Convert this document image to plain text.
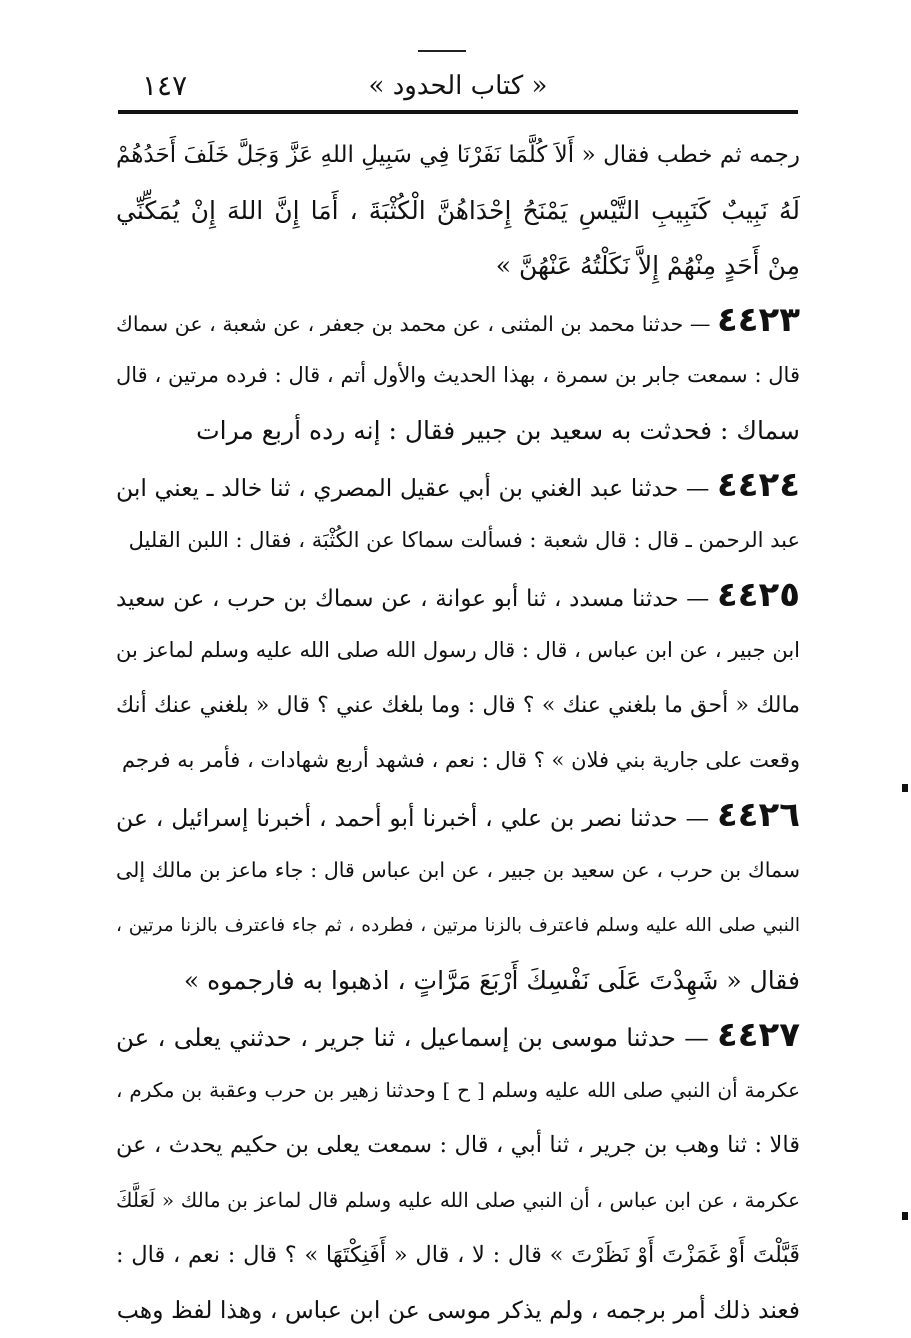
« كتاب الحدود »
١٤٧
رجمه ثم خطب فقال « أَلاَ كُلَّمَا نَفَرْنَا فِي سَبِيلِ اللهِ عَزَّ وَجَلَّ خَلَفَ أَحَدُهُمْ
لَهُ نَبِيبٌ كَنَبِيبِ التَّيْسِ يَمْنَحُ إِحْدَاهُنَّ الْكُثْبَةَ ، أَمَا إِنَّ اللهَ إِنْ يُمَكِّنِّي
مِنْ أَحَدٍ مِنْهُمْ إِلاَّ نَكَلْتُهُ عَنْهُنَّ »
٤٤٢٣ — حدثنا محمد بن المثنى ، عن محمد بن جعفر ، عن شعبة ، عن سماك
قال : سمعت جابر بن سمرة ، بهذا الحديث والأول أتم ، قال : فرده مرتين ، قال
سماك : فحدثت به سعيد بن جبير فقال : إنه رده أربع مرات
٤٤٢٤ — حدثنا عبد الغني بن أبي عقيل المصري ، ثنا خالد ـ يعني ابن
عبد الرحمن ـ قال : قال شعبة : فسألت سماكا عن الكُثْبَة ، فقال : اللبن القليل
٤٤٢٥ — حدثنا مسدد ، ثنا أبو عوانة ، عن سماك بن حرب ، عن سعيد
ابن جبير ، عن ابن عباس ، قال : قال رسول الله صلى الله عليه وسلم لماعز بن
مالك « أحق ما بلغني عنك » ؟ قال : وما بلغك عني ؟ قال « بلغني عنك أنك
وقعت على جارية بني فلان » ؟ قال : نعم ، فشهد أربع شهادات ، فأمر به فرجم
٤٤٢٦ — حدثنا نصر بن علي ، أخبرنا أبو أحمد ، أخبرنا إسرائيل ، عن
سماك بن حرب ، عن سعيد بن جبير ، عن ابن عباس قال : جاء ماعز بن مالك إلى
النبي صلى الله عليه وسلم فاعترف بالزنا مرتين ، فطرده ، ثم جاء فاعترف بالزنا مرتين ،
فقال « شَهِدْتَ عَلَى نَفْسِكَ أَرْبَعَ مَرَّاتٍ ، اذهبوا به فارجموه »
٤٤٢٧ — حدثنا موسى بن إسماعيل ، ثنا جرير ، حدثني يعلى ، عن
عكرمة أن النبي صلى الله عليه وسلم [ ح ] وحدثنا زهير بن حرب وعقبة بن مكرم ،
قالا : ثنا وهب بن جرير ، ثنا أبي ، قال : سمعت يعلى بن حكيم يحدث ، عن
عكرمة ، عن ابن عباس ، أن النبي صلى الله عليه وسلم قال لماعز بن مالك « لَعَلَّكَ
قَبَّلْتَ أَوْ غَمَزْتَ أَوْ نَظَرْتَ » قال : لا ، قال « أَفَنِكْتَهَا » ؟ قال : نعم ، قال :
فعند ذلك أمر برجمه ، ولم يذكر موسى عن ابن عباس ، وهذا لفظ وهب
